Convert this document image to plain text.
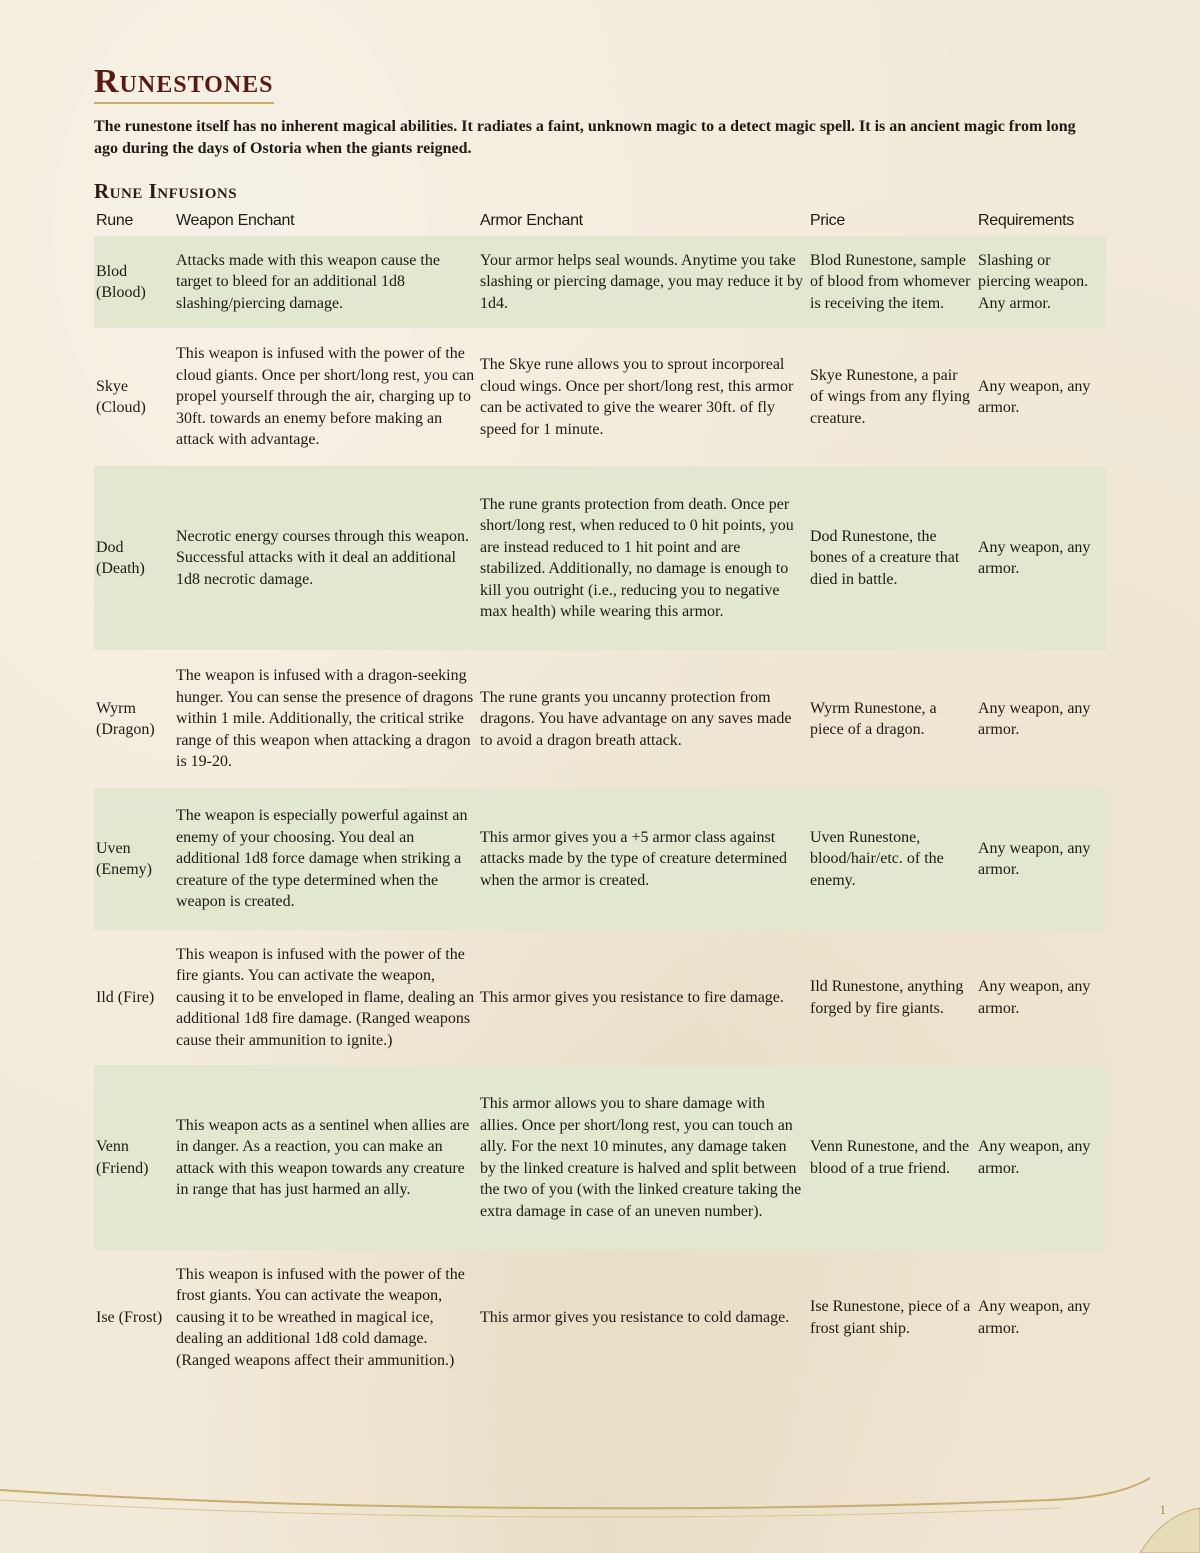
Runestones

The runestone itself has no inherent magical abilities. It radiates a faint, unknown magic to a detect magic spell. It is an ancient magic from long ago during the days of Ostoria when the giants reigned.

Rune Infusions
Rune	Weapon Enchant	Armor Enchant	Price	Requirements
Blod (Blood)	Attacks made with this weapon cause the target to bleed for an additional 1d8 slashing/piercing damage.	Your armor helps seal wounds. Anytime you take slashing or piercing damage, you may reduce it by 1d4.	Blod Runestone, sample of blood from whomever is receiving the item.	Slashing or piercing weapon. Any armor.
Skye (Cloud)	This weapon is infused with the power of the cloud giants. Once per short/long rest, you can propel yourself through the air, charging up to 30ft. towards an enemy before making an attack with advantage.	The Skye rune allows you to sprout incorporeal cloud wings. Once per short/long rest, this armor can be activated to give the wearer 30ft. of fly speed for 1 minute.	Skye Runestone, a pair of wings from any flying creature.	Any weapon, any armor.
Dod (Death)	Necrotic energy courses through this weapon. Successful attacks with it deal an additional 1d8 necrotic damage.	The rune grants protection from death. Once per short/long rest, when reduced to 0 hit points, you are instead reduced to 1 hit point and are stabilized. Additionally, no damage is enough to kill you outright (i.e., reducing you to negative max health) while wearing this armor.	Dod Runestone, the bones of a creature that died in battle.	Any weapon, any armor.
Wyrm (Dragon)	The weapon is infused with a dragon-seeking hunger. You can sense the presence of dragons within 1 mile. Additionally, the critical strike range of this weapon when attacking a dragon is 19-20.	The rune grants you uncanny protection from dragons. You have advantage on any saves made to avoid a dragon breath attack.	Wyrm Runestone, a piece of a dragon.	Any weapon, any armor.
Uven (Enemy)	The weapon is especially powerful against an enemy of your choosing. You deal an additional 1d8 force damage when striking a creature of the type determined when the weapon is created.	This armor gives you a +5 armor class against attacks made by the type of creature determined when the armor is created.	Uven Runestone, blood/hair/etc. of the enemy.	Any weapon, any armor.
Ild (Fire)	This weapon is infused with the power of the fire giants. You can activate the weapon, causing it to be enveloped in flame, dealing an additional 1d8 fire damage. (Ranged weapons cause their ammunition to ignite.)	This armor gives you resistance to fire damage.	Ild Runestone, anything forged by fire giants.	Any weapon, any armor.
Venn (Friend)	This weapon acts as a sentinel when allies are in danger. As a reaction, you can make an attack with this weapon towards any creature in range that has just harmed an ally.	This armor allows you to share damage with allies. Once per short/long rest, you can touch an ally. For the next 10 minutes, any damage taken by the linked creature is halved and split between the two of you (with the linked creature taking the extra damage in case of an uneven number).	Venn Runestone, and the blood of a true friend.	Any weapon, any armor.
Ise (Frost)	This weapon is infused with the power of the frost giants. You can activate the weapon, causing it to be wreathed in magical ice, dealing an additional 1d8 cold damage. (Ranged weapons affect their ammunition.)	This armor gives you resistance to cold damage.	Ise Runestone, piece of a frost giant ship.	Any weapon, any armor.
1
